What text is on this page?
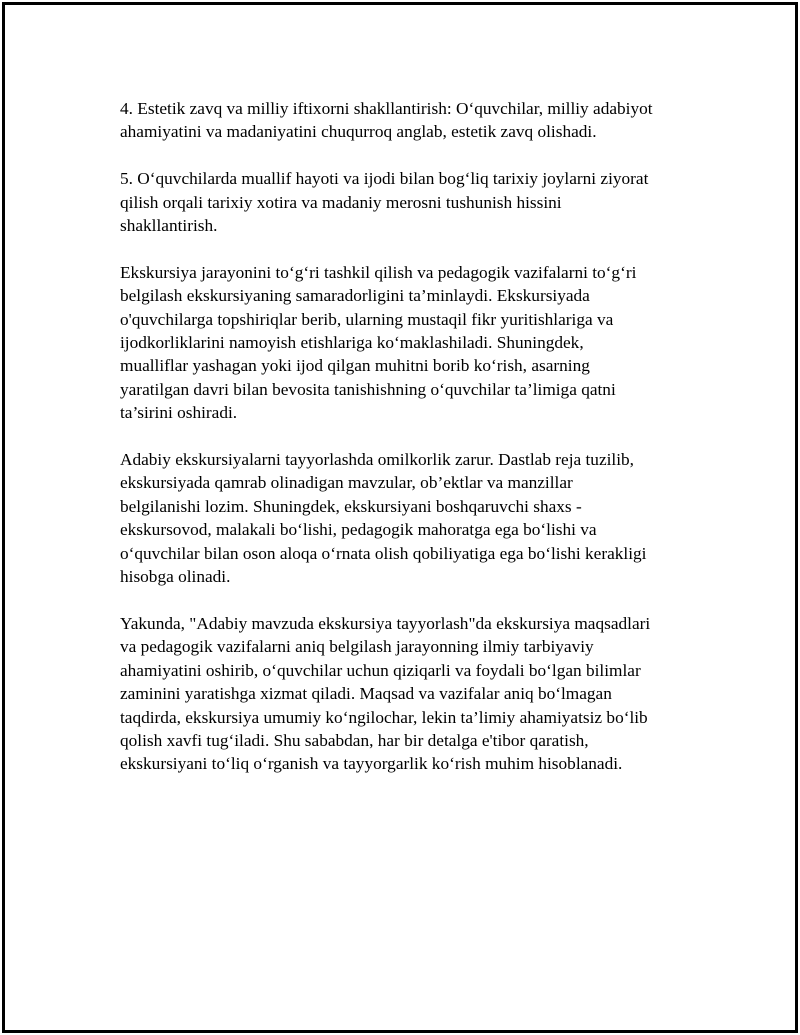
4. Estetik zavq va milliy iftixorni shakllantirish: O‘quvchilar, milliy adabiyot
ahamiyatini va madaniyatini chuqurroq anglab, estetik zavq olishadi.

5. O‘quvchilarda muallif hayoti va ijodi bilan bog‘liq tarixiy joylarni ziyorat
qilish orqali tarixiy xotira va madaniy merosni tushunish hissini
shakllantirish.

Ekskursiya jarayonini to‘g‘ri tashkil qilish va pedagogik vazifalarni to‘g‘ri
belgilash ekskursiyaning samaradorligini ta’minlaydi. Ekskursiyada
o'quvchilarga topshiriqlar berib, ularning mustaqil fikr yuritishlariga va
ijodkorliklarini namoyish etishlariga ko‘maklashiladi. Shuningdek,
mualliflar yashagan yoki ijod qilgan muhitni borib ko‘rish, asarning
yaratilgan davri bilan bevosita tanishishning o‘quvchilar ta’limiga qatni
ta’sirini oshiradi.

Adabiy ekskursiyalarni tayyorlashda omilkorlik zarur. Dastlab reja tuzilib,
ekskursiyada qamrab olinadigan mavzular, ob’ektlar va manzillar
belgilanishi lozim. Shuningdek, ekskursiyani boshqaruvchi shaxs -
ekskursovod, malakali bo‘lishi, pedagogik mahoratga ega bo‘lishi va
o‘quvchilar bilan oson aloqa o‘rnata olish qobiliyatiga ega bo‘lishi kerakligi
hisobga olinadi.

Yakunda, "Adabiy mavzuda ekskursiya tayyorlash"da ekskursiya maqsadlari
va pedagogik vazifalarni aniq belgilash jarayonning ilmiy tarbiyaviy
ahamiyatini oshirib, o‘quvchilar uchun qiziqarli va foydali bo‘lgan bilimlar
zaminini yaratishga xizmat qiladi. Maqsad va vazifalar aniq bo‘lmagan
taqdirda, ekskursiya umumiy ko‘ngilochar, lekin ta’limiy ahamiyatsiz bo‘lib
qolish xavfi tug‘iladi. Shu sababdan, har bir detalga e'tibor qaratish,
ekskursiyani to‘liq o‘rganish va tayyorgarlik ko‘rish muhim hisoblanadi.
